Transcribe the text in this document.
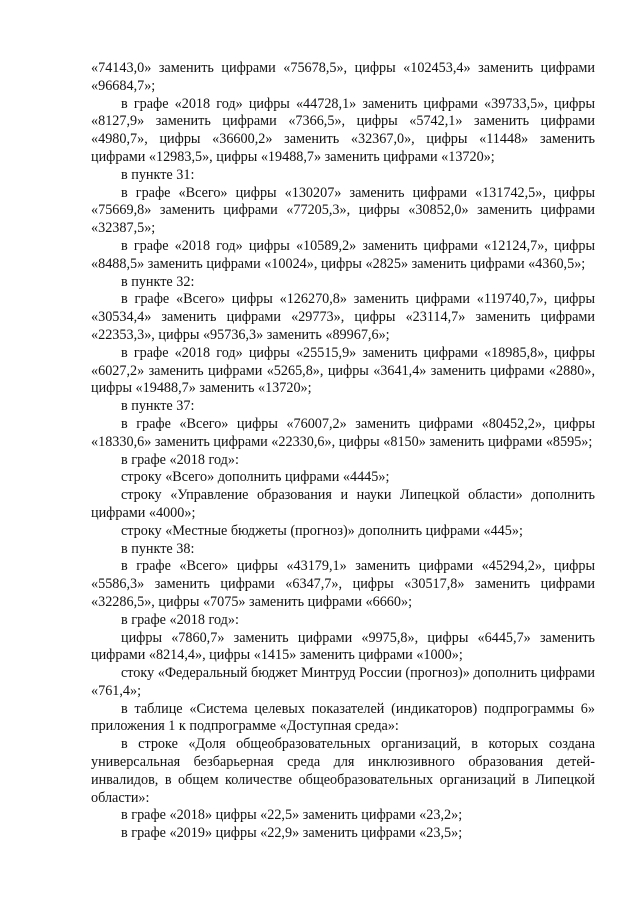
«74143,0» заменить цифрами «75678,5», цифры «102453,4» заменить цифрами «96684,7»;

в графе «2018 год» цифры «44728,1» заменить цифрами «39733,5», цифры «8127,9» заменить цифрами «7366,5», цифры «5742,1» заменить цифрами «4980,7», цифры «36600,2» заменить «32367,0», цифры «11448» заменить цифрами «12983,5», цифры «19488,7» заменить цифрами «13720»;

в пункте 31:

в графе «Всего» цифры «130207» заменить цифрами «131742,5», цифры «75669,8» заменить цифрами «77205,3», цифры «30852,0» заменить цифрами «32387,5»;

в графе «2018 год» цифры «10589,2» заменить цифрами «12124,7», цифры «8488,5» заменить цифрами «10024», цифры «2825» заменить цифрами «4360,5»;

в пункте 32:

в графе «Всего» цифры «126270,8» заменить цифрами «119740,7», цифры «30534,4» заменить цифрами «29773», цифры «23114,7» заменить цифрами «22353,3», цифры «95736,3» заменить «89967,6»;

в графе «2018 год» цифры «25515,9» заменить цифрами «18985,8», цифры «6027,2» заменить цифрами «5265,8», цифры «3641,4» заменить цифрами «2880», цифры «19488,7» заменить «13720»;

в пункте 37:

в графе «Всего» цифры «76007,2» заменить цифрами «80452,2», цифры «18330,6» заменить цифрами «22330,6», цифры «8150» заменить цифрами «8595»;

в графе «2018 год»:

строку «Всего» дополнить цифрами «4445»;

строку «Управление образования и науки Липецкой области» дополнить цифрами «4000»;

строку «Местные бюджеты (прогноз)» дополнить цифрами «445»;

в пункте 38:

в графе «Всего» цифры «43179,1» заменить цифрами «45294,2», цифры «5586,3» заменить цифрами «6347,7», цифры «30517,8» заменить цифрами «32286,5», цифры «7075» заменить цифрами «6660»;

в графе «2018 год»:

цифры «7860,7» заменить цифрами «9975,8», цифры «6445,7» заменить цифрами «8214,4», цифры «1415» заменить цифрами «1000»;

стоку «Федеральный бюджет Минтруд России (прогноз)» дополнить цифрами «761,4»;

в таблице «Система целевых показателей (индикаторов) подпрограммы 6» приложения 1 к подпрограмме «Доступная среда»:

в строке «Доля общеобразовательных организаций, в которых создана универсальная безбарьерная среда для инклюзивного образования детей-инвалидов, в общем количестве общеобразовательных организаций в Липецкой области»:

в графе «2018» цифры «22,5» заменить цифрами «23,2»;

в графе «2019» цифры «22,9» заменить цифрами «23,5»;
